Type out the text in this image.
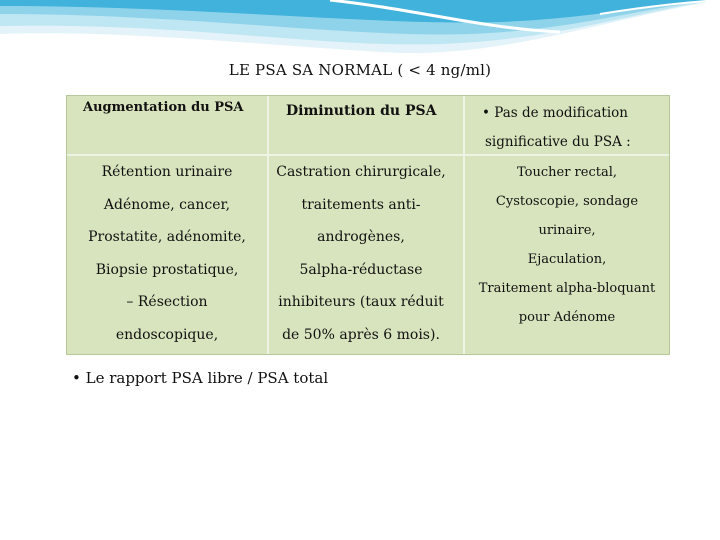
LE PSA SA NORMAL ( < 4 ng/ml)
Augmentation du PSA	Diminution du PSA	• Pas de modification
significative du PSA :
Rétention urinaire
Adénome, cancer,
Prostatite, adénomite,
Biopsie prostatique,
– Résection
endoscopique,
Castration chirurgicale,
traitements anti-
androgènes,
5alpha-réductase
inhibiteurs (taux réduit
de 50% après 6 mois).
Toucher rectal,
Cystoscopie, sondage
urinaire,
Ejaculation,
Traitement alpha-bloquant
pour Adénome
• Le rapport PSA libre / PSA total
